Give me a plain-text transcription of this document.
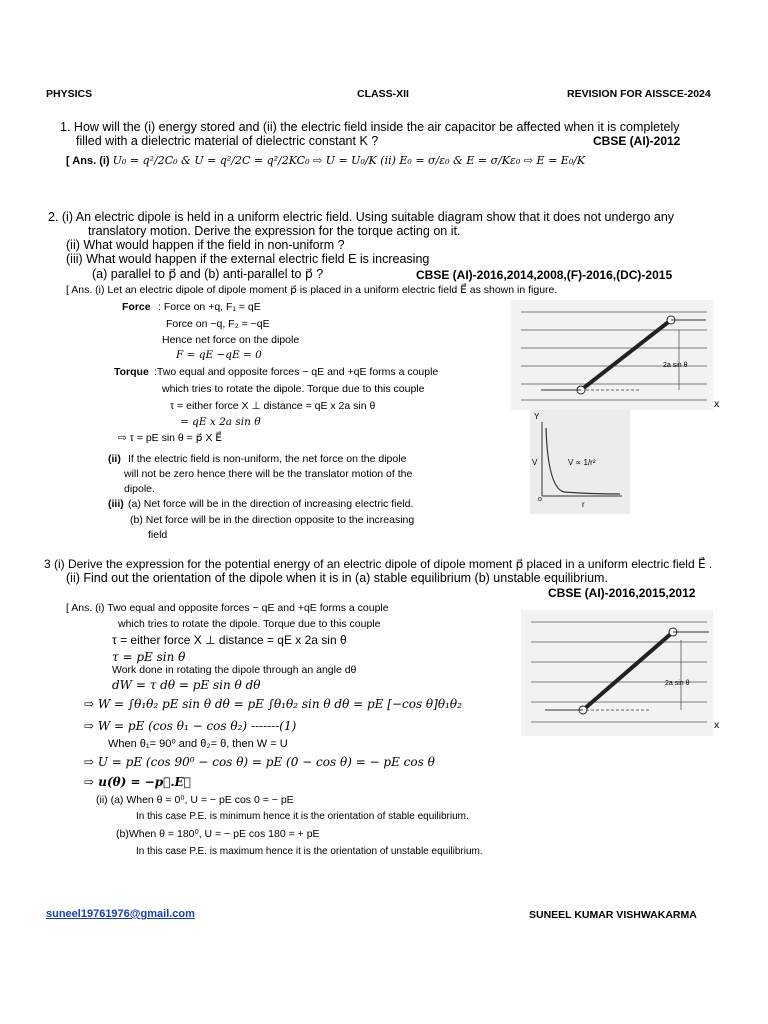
PHYSICS	CLASS-XII	REVISION FOR AISSCE-2024
1. How will the (i) energy stored and (ii) the electric field inside the air capacitor be affected when it is completely
filled with a dielectric material of dielectric constant K ?	CBSE (AI)-2012
[ Ans. (i) U₀ = q²/2C₀ & U = q²/2C = q²/2KC₀ ⇨ U = U₀/K (ii) E₀ = σ/ε₀ & E = σ/Kε₀ ⇨ E = E₀/K
2. (i) An electric dipole is held in a uniform electric field. Using suitable diagram show that it does not undergo any
translatory motion. Derive the expression for the torque acting on it.
(ii) What would happen if the field in non-uniform ?
(iii) What would happen if the external electric field E is increasing
(a) parallel to p⃗ and (b) anti-parallel to p⃗ ?	CBSE (AI)-2016,2014,2008,(F)-2016,(DC)-2015
[ Ans. (i) Let an electric dipole of dipole moment p⃗ is placed in a uniform electric field E⃗ as shown in figure.
Force : Force on +q, F₁ = qE
Force on −q, F₂ = −qE
Hence net force on the dipole
F = qE −qE = 0
Torque :Two equal and opposite forces − qE and +qE forms a couple
which tries to rotate the dipole. Torque due to this couple
τ = either force X ⊥ distance = qE x 2a sin θ
= qE x 2a sin θ
⇨ τ = pE sin θ = p⃗ X E⃗
(ii) If the electric field is non-uniform, the net force on the dipole
will not be zero hence there will be the translator motion of the
dipole.
(iii) (a) Net force will be in the direction of increasing electric field.
(b) Net force will be in the direction opposite to the increasing
field
2a sin θ
x
Y
V
o
r
V ∝ 1/r²
3 (i) Derive the expression for the potential energy of an electric dipole of dipole moment p⃗ placed in a uniform electric field E⃗ .
(ii) Find out the orientation of the dipole when it is in (a) stable equilibrium (b) unstable equilibrium.
CBSE (AI)-2016,2015,2012
[ Ans. (i) Two equal and opposite forces − qE and +qE forms a couple
which tries to rotate the dipole. Torque due to this couple
τ = either force X ⊥ distance = qE x 2a sin θ
τ = pE sin θ
Work done in rotating the dipole through an angle dθ
dW = τ dθ = pE sin θ dθ
⇨ W = ∫θ₁θ₂ pE sin θ dθ = pE ∫θ₁θ₂ sin θ dθ = pE [−cos θ]θ₁θ₂
⇨ W = pE (cos θ₁ − cos θ₂) -------(1)
When θ₁= 90⁰ and θ₂= θ, then W = U
⇨ U = pE (cos 90⁰ − cos θ) = pE (0 − cos θ) = − pE cos θ
⇨ u(θ) = −p⃗.E⃗
(ii) (a) When θ = 0⁰, U = − pE cos 0 = − pE
In this case P.E. is minimum hence it is the orientation of stable equilibrium.
(b)When θ = 180⁰, U = − pE cos 180 = + pE
In this case P.E. is maximum hence it is the orientation of unstable equilibrium.
2a sin θ
x
suneel19761976@gmail.com	SUNEEL KUMAR VISHWAKARMA
